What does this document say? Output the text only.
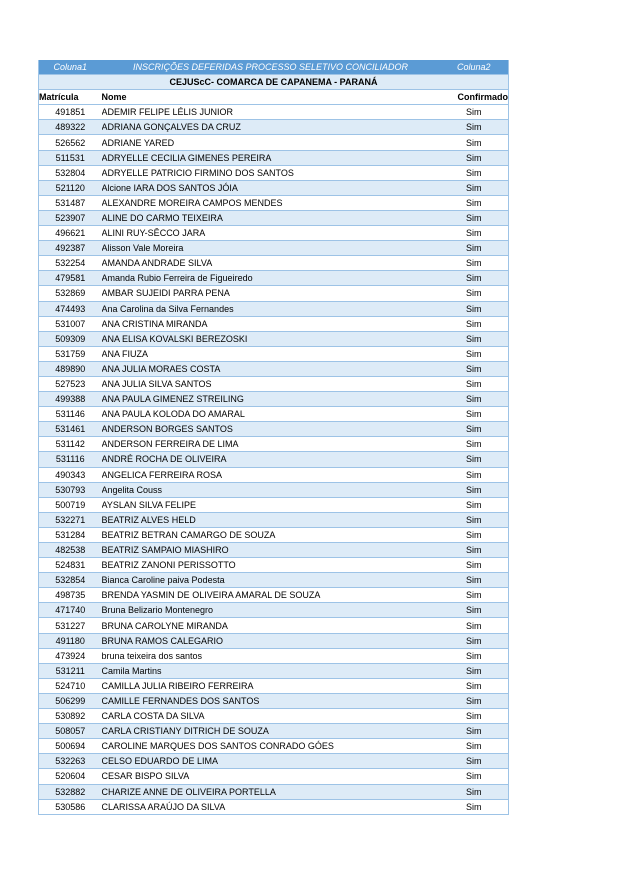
Coluna1	INSCRIÇÕES DEFERIDAS PROCESSO SELETIVO CONCILIADOR	Coluna2
CEJUScC- COMARCA DE CAPANEMA - PARANÁ		
Matrícula	Nome	Confirmado
491851	ADEMIR FELIPE LÉLIS JUNIOR	Sim
489322	ADRIANA GONÇALVES DA CRUZ	Sim
526562	ADRIANE YARED	Sim
511531	ADRYELLE CECILIA GIMENES PEREIRA	Sim
532804	ADRYELLE PATRICIO FIRMINO DOS SANTOS	Sim
521120	Alcione IARA DOS SANTOS JÓIA	Sim
531487	ALEXANDRE MOREIRA CAMPOS MENDES	Sim
523907	ALINE DO CARMO TEIXEIRA	Sim
496621	ALINI RUY-SÊCCO JARA	Sim
492387	Alisson Vale Moreira	Sim
532254	AMANDA ANDRADE SILVA	Sim
479581	Amanda Rubio Ferreira de Figueiredo	Sim
532869	AMBAR SUJEIDI PARRA PENA	Sim
474493	Ana Carolina da Silva Fernandes	Sim
531007	ANA CRISTINA MIRANDA	Sim
509309	ANA ELISA KOVALSKI BEREZOSKI	Sim
531759	ANA FIUZA	Sim
489890	ANA JULIA MORAES COSTA	Sim
527523	ANA JULIA SILVA SANTOS	Sim
499388	ANA PAULA GIMENEZ STREILING	Sim
531146	ANA PAULA KOLODA DO AMARAL	Sim
531461	ANDERSON BORGES SANTOS	Sim
531142	ANDERSON FERREIRA DE LIMA	Sim
531116	ANDRÉ ROCHA DE OLIVEIRA	Sim
490343	ANGELICA FERREIRA ROSA	Sim
530793	Angelita Couss	Sim
500719	AYSLAN SILVA FELIPE	Sim
532271	BEATRIZ ALVES HELD	Sim
531284	BEATRIZ BETRAN CAMARGO DE SOUZA	Sim
482538	BEATRIZ SAMPAIO MIASHIRO	Sim
524831	BEATRIZ ZANONI PERISSOTTO	Sim
532854	Bianca Caroline paiva Podesta	Sim
498735	BRENDA YASMIN DE OLIVEIRA AMARAL DE SOUZA	Sim
471740	Bruna Belizario Montenegro	Sim
531227	BRUNA CAROLYNE MIRANDA	Sim
491180	BRUNA RAMOS CALEGARIO	Sim
473924	bruna teixeira dos santos	Sim
531211	Camila Martins	Sim
524710	CAMILLA JULIA RIBEIRO FERREIRA	Sim
506299	CAMILLE FERNANDES DOS SANTOS	Sim
530892	CARLA COSTA DA SILVA	Sim
508057	CARLA CRISTIANY DITRICH DE SOUZA	Sim
500694	CAROLINE MARQUES DOS SANTOS CONRADO GÓES	Sim
532263	CELSO EDUARDO DE LIMA	Sim
520604	CESAR BISPO SILVA	Sim
532882	CHARIZE ANNE DE OLIVEIRA PORTELLA	Sim
530586	CLARISSA ARAÚJO DA SILVA	Sim
